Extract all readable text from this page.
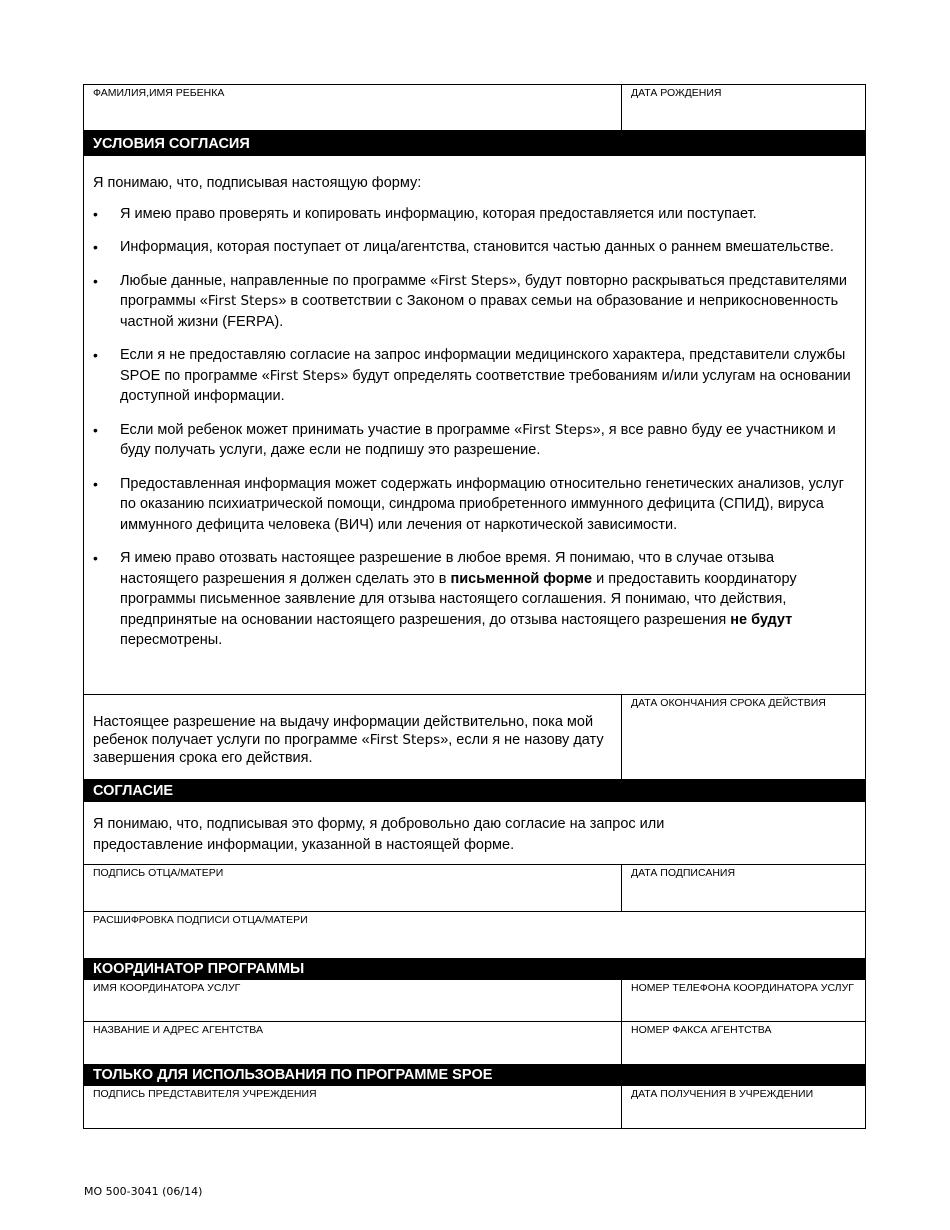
ФАМИЛИЯ,ИМЯ РЕБЕНКА	ДАТА РОЖДЕНИЯ
УСЛОВИЯ СОГЛАСИЯ
Я понимаю, что, подписывая настоящую форму:
• Я имею право проверять и копировать информацию, которая предоставляется или поступает.
• Информация, которая поступает от лица/агентства, становится частью данных о раннем вмешательстве.
• Любые данные, направленные по программе «First Steps», будут повторно раскрываться представителями программы «First Steps» в соответствии с Законом о правах семьи на образование и неприкосновенность частной жизни (FERPA).
• Если я не предоставляю согласие на запрос информации медицинского характера, представители службы SPOE по программе «First Steps» будут определять соответствие требованиям и/или услугам на основании доступной информации.
• Если мой ребенок может принимать участие в программе «First Steps», я все равно буду ее участником и буду получать услуги, даже если не подпишу это разрешение.
• Предоставленная информация может содержать информацию относительно генетических анализов, услуг по оказанию психиатрической помощи, синдрома приобретенного иммунного дефицита (СПИД), вируса иммунного дефицита человека (ВИЧ) или лечения от наркотической зависимости.
• Я имею право отозвать настоящее разрешение в любое время. Я понимаю, что в случае отзыва настоящего разрешения я должен сделать это в письменной форме и предоставить координатору программы письменное заявление для отзыва настоящего соглашения. Я понимаю, что действия, предпринятые на основании настоящего разрешения, до отзыва настоящего разрешения не будут пересмотрены.
Настоящее разрешение на выдачу информации действительно, пока мой ребенок получает услуги по программе «First Steps», если я не назову дату завершения срока его действия.
ДАТА ОКОНЧАНИЯ СРОКА ДЕЙСТВИЯ
СОГЛАСИЕ
Я понимаю, что, подписывая это форму, я добровольно даю согласие на запрос или предоставление информации, указанной в настоящей форме.
ПОДПИСЬ ОТЦА/МАТЕРИ	ДАТА ПОДПИСАНИЯ
РАСШИФРОВКА ПОДПИСИ ОТЦА/МАТЕРИ
КООРДИНАТОР ПРОГРАММЫ
ИМЯ КООРДИНАТОРА УСЛУГ	НОМЕР ТЕЛЕФОНА КООРДИНАТОРА УСЛУГ
НАЗВАНИЕ И АДРЕС АГЕНТСТВА	НОМЕР ФАКСА АГЕНТСТВА
ТОЛЬКО ДЛЯ ИСПОЛЬЗОВАНИЯ ПО ПРОГРАММЕ SPOE
ПОДПИСЬ ПРЕДСТАВИТЕЛЯ УЧРЕЖДЕНИЯ	ДАТА ПОЛУЧЕНИЯ В УЧРЕЖДЕНИИ
MO 500-3041 (06/14)
